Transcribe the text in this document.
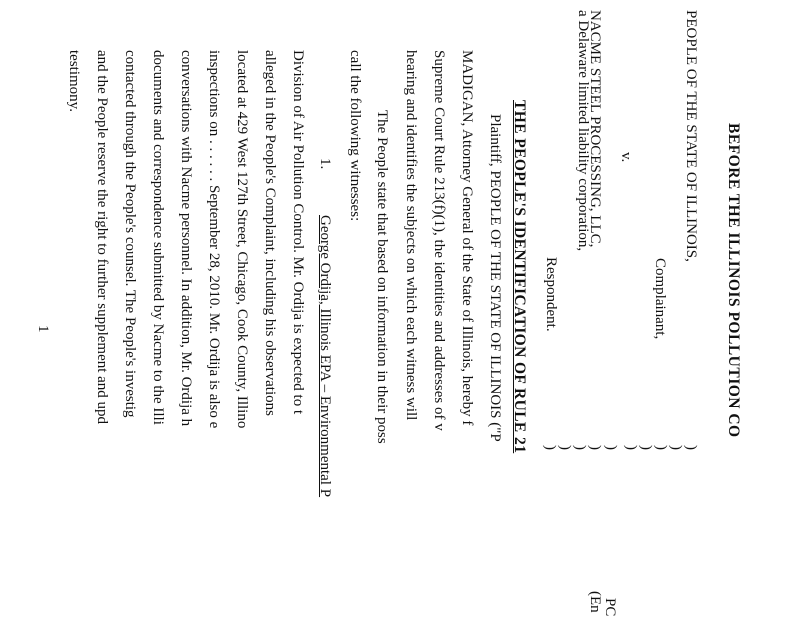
BEFORE THE ILLINOIS POLLUTION CO
PEOPLE OF THE STATE OF ILLINOIS,
Complainant,
v.
NACME STEEL PROCESSING, LLC,
a Delaware limited liability corporation,
Respondent.
)
)
)
)
)
)
)
)
)
)
PC
(En
THE PEOPLE'S IDENTIFICATION OF RULE 21
Plaintiff, PEOPLE OF THE STATE OF ILLINOIS ("P
MADIGAN, Attorney General of the State of Illinois, hereby f
Supreme Court Rule 213(f)(1), the identities and addresses of v
hearing and identifies the subjects on which each witness will
The People state that based on information in their poss
call the following witnesses:
1.
George Ordija, Illinois EPA – Environmental P
Division of Air Pollution Control. Mr. Ordija is expected to t
alleged in the People's Complaint, including his observations
located at 429 West 127th Street, Chicago, Cook County, Illino
inspections on . . . . . . September 28, 2010. Mr. Ordija is also e
conversations with Nacme personnel. In addition, Mr. Ordija h
documents and correspondence submitted by Nacme to the Illi
contacted through the People's counsel. The People's investig
and the People reserve the right to further supplement and upd
testimony.
1
